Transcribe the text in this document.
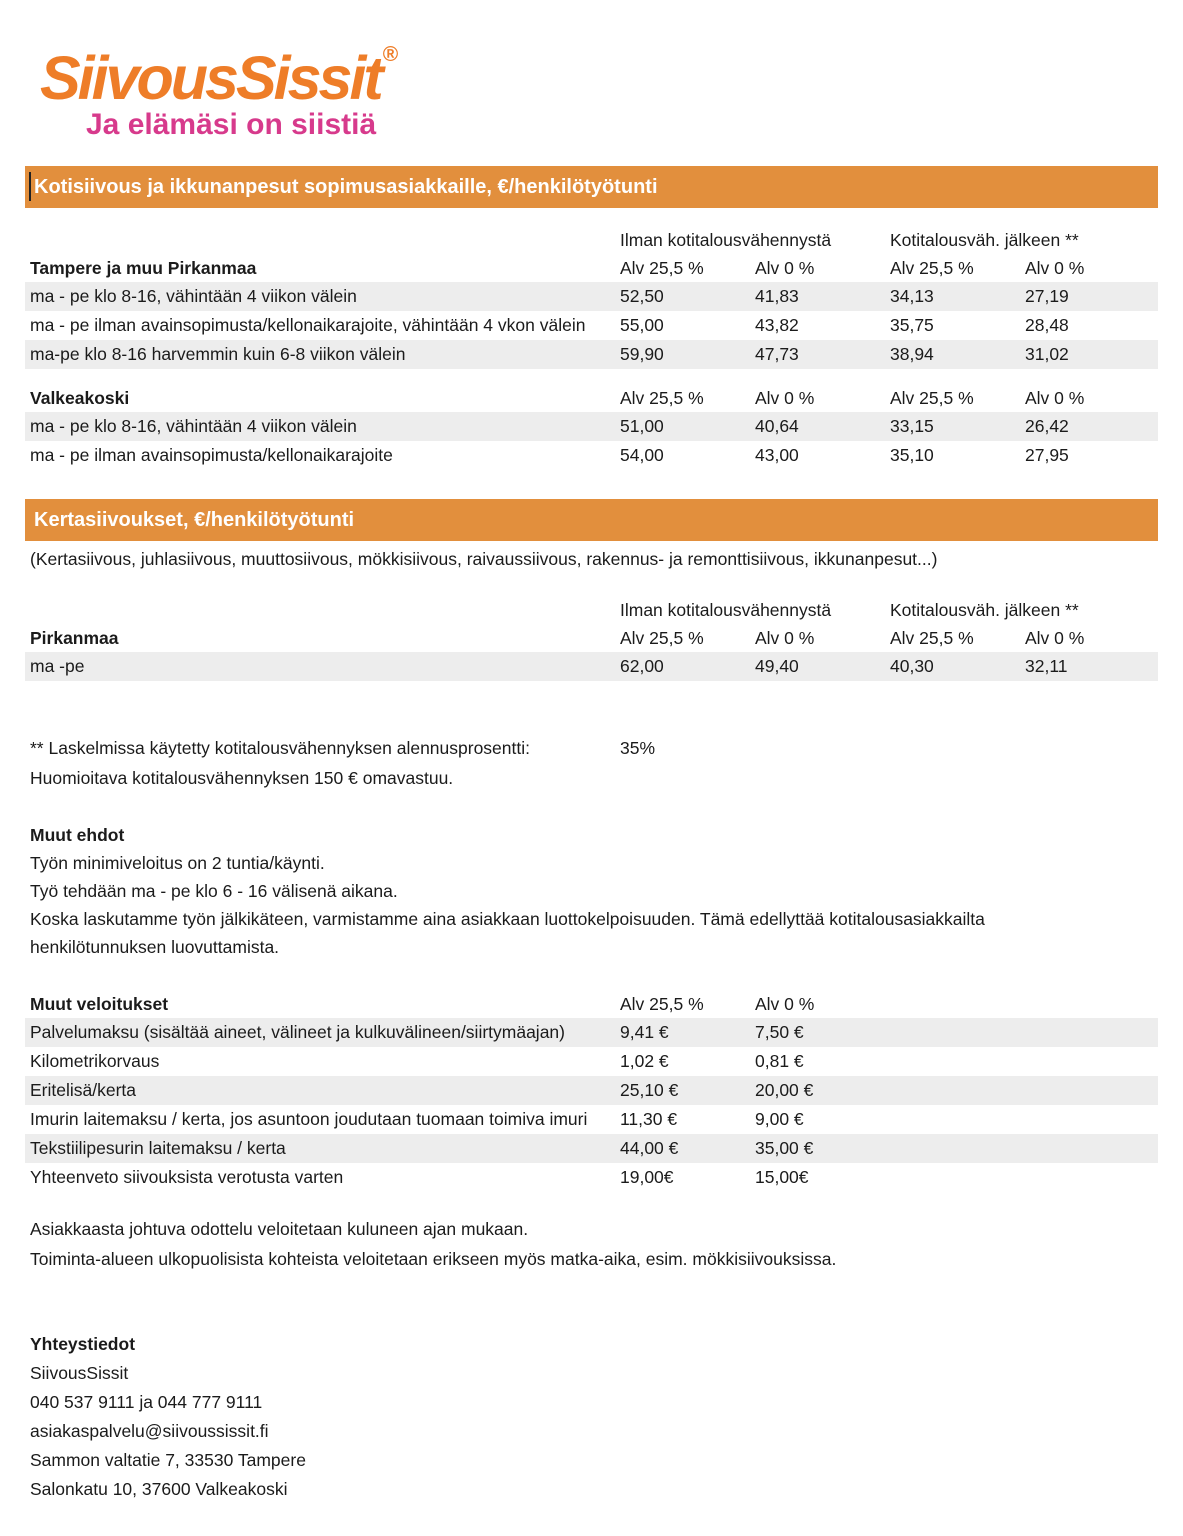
SiivousSissit®
Ja elämäsi on siistiä
Kotisiivous ja ikkunanpesut sopimusasiakkaille, €/henkilötyötunti
	Ilman kotitalousvähennystä		Kotitalousväh. jälkeen **	
Tampere ja muu Pirkanmaa	Alv 25,5 %	Alv 0 %	Alv 25,5 %	Alv 0 %
ma - pe klo 8-16, vähintään 4 viikon välein	52,50	41,83	34,13	27,19
ma - pe ilman avainsopimusta/kellonaikarajoite, vähintään 4 vkon välein	55,00	43,82	35,75	28,48
ma-pe klo 8-16 harvemmin kuin 6-8 viikon välein	59,90	47,73	38,94	31,02
Valkeakoski	Alv 25,5 %	Alv 0 %	Alv 25,5 %	Alv 0 %
ma - pe klo 8-16, vähintään 4 viikon välein	51,00	40,64	33,15	26,42
ma - pe ilman avainsopimusta/kellonaikarajoite	54,00	43,00	35,10	27,95
Kertasiivoukset, €/henkilötyötunti
(Kertasiivous, juhlasiivous, muuttosiivous, mökkisiivous, raivaussiivous, rakennus- ja remonttisiivous, ikkunanpesut...)
	Ilman kotitalousvähennystä		Kotitalousväh. jälkeen **	
Pirkanmaa	Alv 25,5 %	Alv 0 %	Alv 25,5 %	Alv 0 %
ma -pe	62,00	49,40	40,30	32,11
** Laskelmissa käytetty kotitalousvähennyksen alennusprosentti:	35%
Huomioitava kotitalousvähennyksen 150 € omavastuu.
Muut ehdot
Työn minimiveloitus on 2 tuntia/käynti.
Työ tehdään ma - pe klo 6 - 16 välisenä aikana.
Koska laskutamme työn jälkikäteen, varmistamme aina asiakkaan luottokelpoisuuden. Tämä edellyttää kotitalousasiakkailta
henkilötunnuksen luovuttamista.
Muut veloitukset	Alv 25,5 %	Alv 0 %	
Palvelumaksu (sisältää aineet, välineet ja kulkuvälineen/siirtymäajan)	9,41 €	7,50 €	
Kilometrikorvaus	1,02 €	0,81 €	
Eritelisä/kerta	25,10 €	20,00 €	
Imurin laitemaksu / kerta, jos asuntoon joudutaan tuomaan toimiva imuri	11,30 €	9,00 €	
Tekstiilipesurin laitemaksu / kerta	44,00 €	35,00 €	
Yhteenveto siivouksista verotusta varten	19,00€	15,00€	
Asiakkaasta johtuva odottelu veloitetaan kuluneen ajan mukaan.
Toiminta-alueen ulkopuolisista kohteista veloitetaan erikseen myös matka-aika, esim. mökkisiivouksissa.
Yhteystiedot
SiivousSissit
040 537 9111 ja 044 777 9111
asiakaspalvelu@siivoussissit.fi
Sammon valtatie 7, 33530 Tampere
Salonkatu 10, 37600 Valkeakoski
